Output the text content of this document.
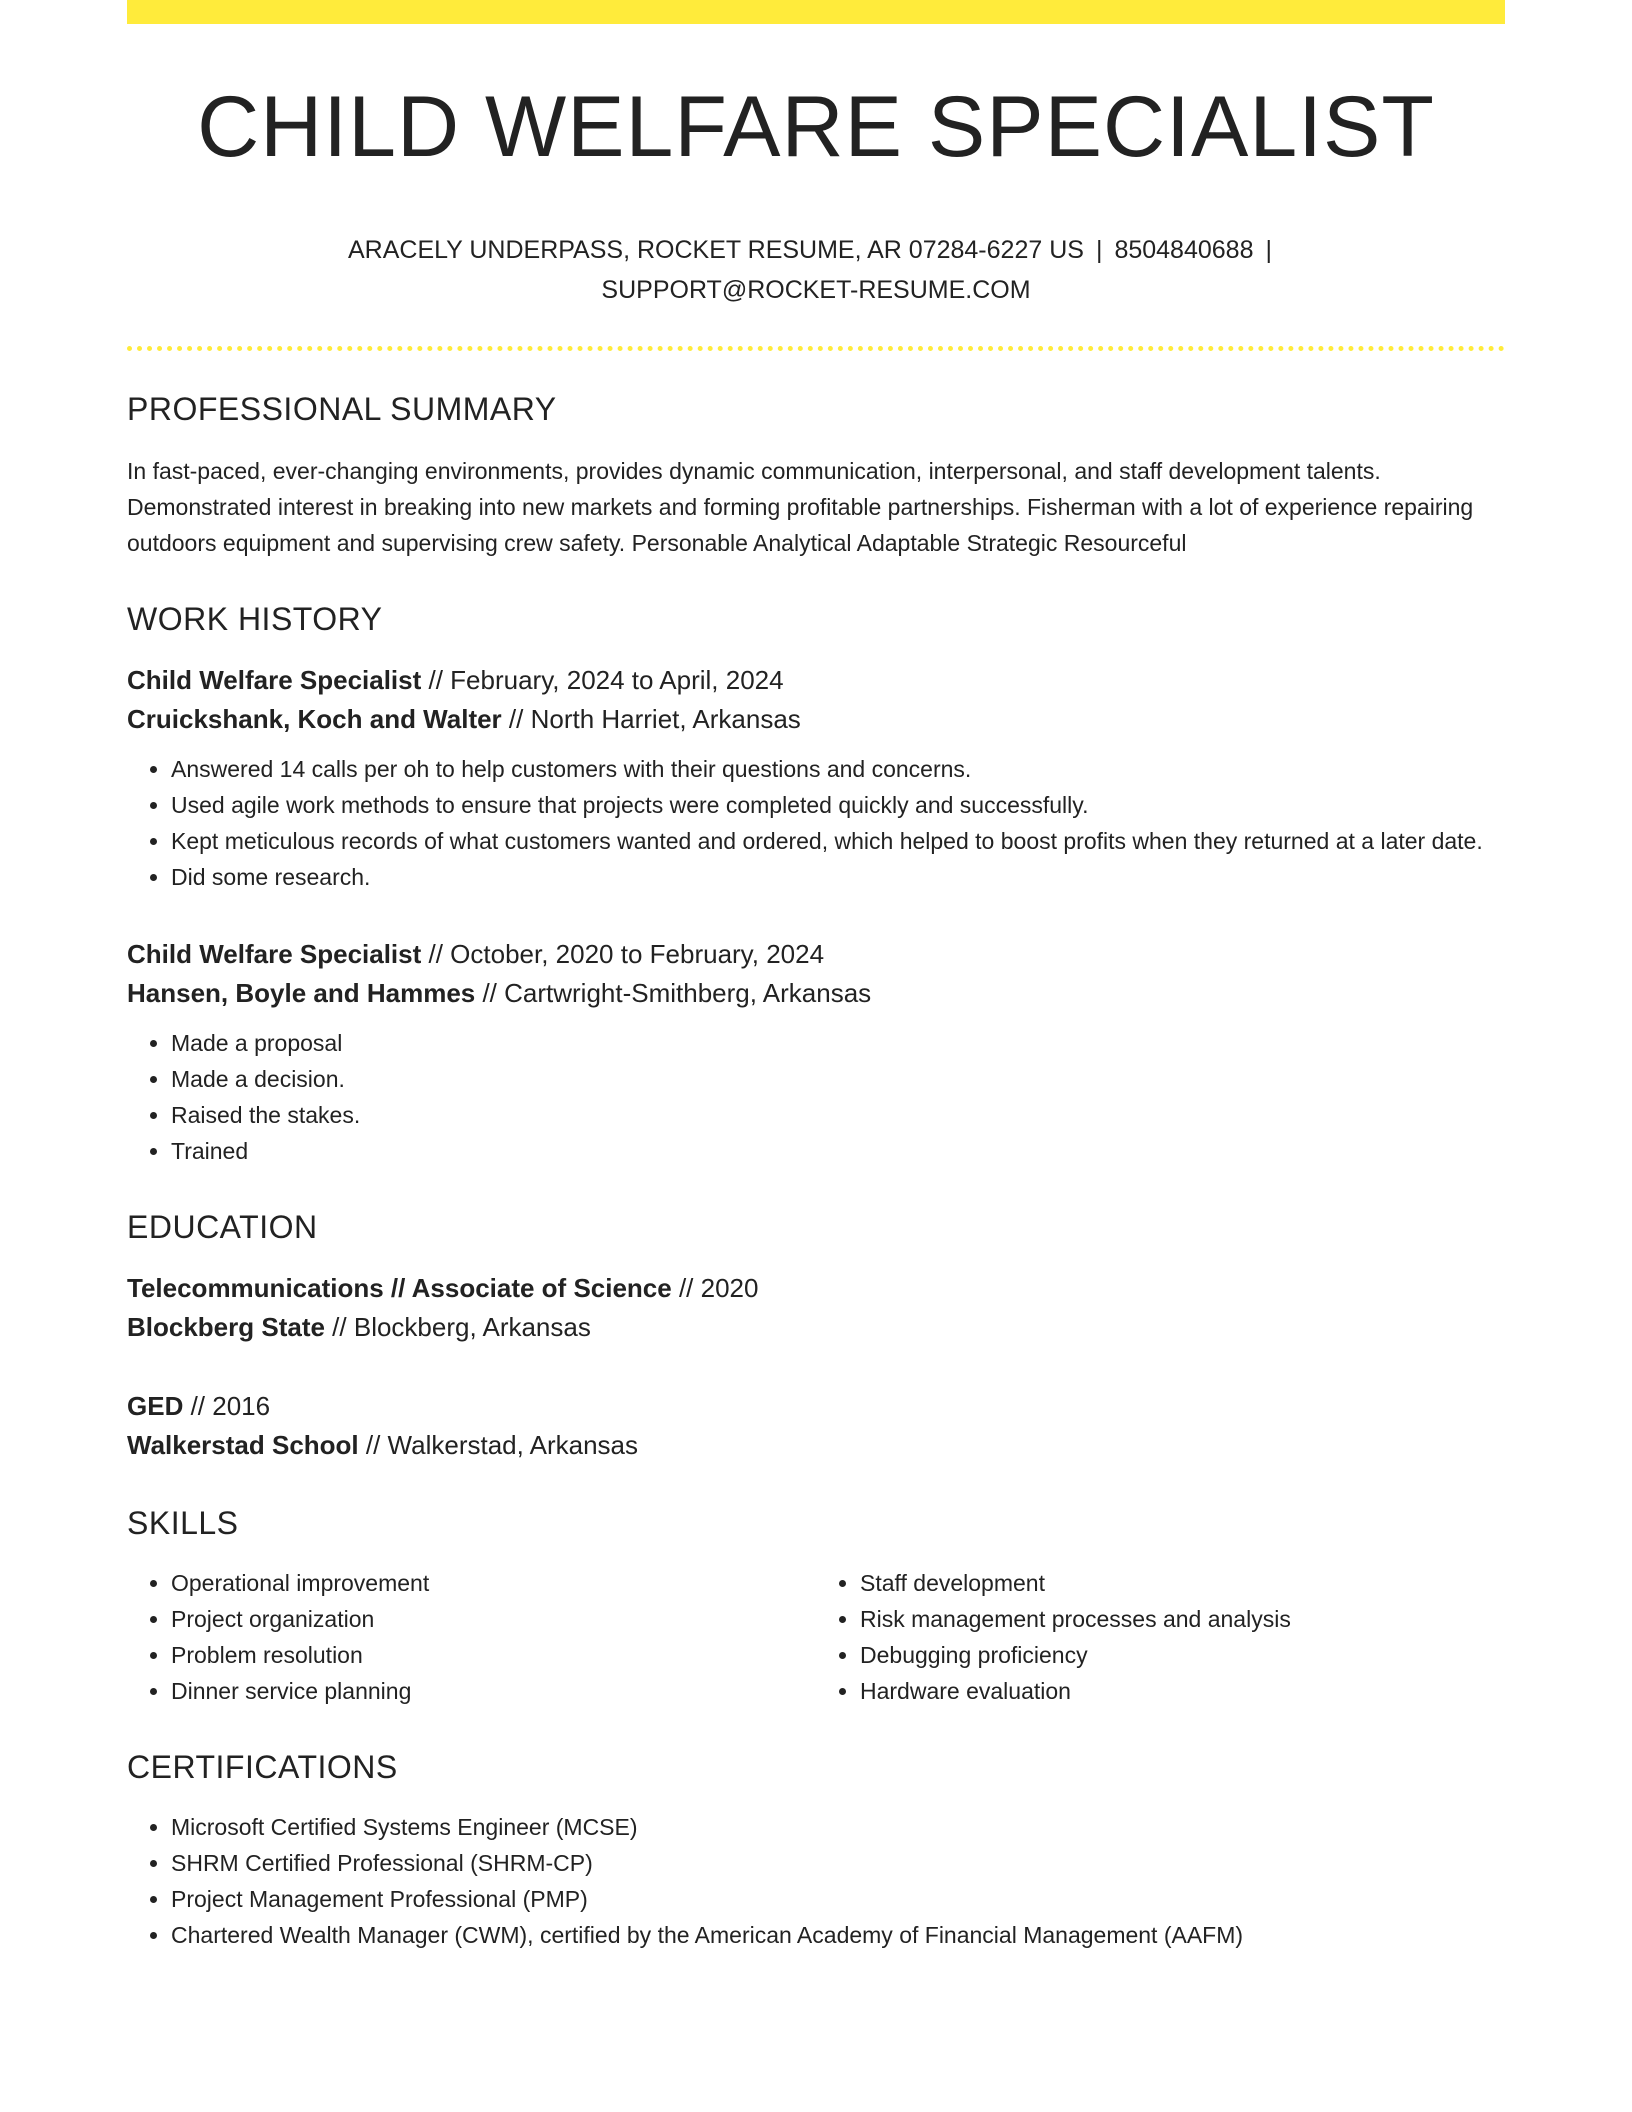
CHILD WELFARE SPECIALIST
ARACELY UNDERPASS, ROCKET RESUME, AR 07284-6227 US | 8504840688 |
SUPPORT@ROCKET-RESUME.COM
PROFESSIONAL SUMMARY
In fast-paced, ever-changing environments, provides dynamic communication, interpersonal, and staff development talents. Demonstrated interest in breaking into new markets and forming profitable partnerships. Fisherman with a lot of experience repairing outdoors equipment and supervising crew safety. Personable Analytical Adaptable Strategic Resourceful
WORK HISTORY
Child Welfare Specialist // February, 2024 to April, 2024
Cruickshank, Koch and Walter // North Harriet, Arkansas
• Answered 14 calls per oh to help customers with their questions and concerns.
• Used agile work methods to ensure that projects were completed quickly and successfully.
• Kept meticulous records of what customers wanted and ordered, which helped to boost profits when they returned at a later date.
• Did some research.
Child Welfare Specialist // October, 2020 to February, 2024
Hansen, Boyle and Hammes // Cartwright-Smithberg, Arkansas
• Made a proposal
• Made a decision.
• Raised the stakes.
• Trained
EDUCATION
Telecommunications // Associate of Science // 2020
Blockberg State // Blockberg, Arkansas
GED // 2016
Walkerstad School // Walkerstad, Arkansas
SKILLS
• Operational improvement
• Project organization
• Problem resolution
• Dinner service planning
• Staff development
• Risk management processes and analysis
• Debugging proficiency
• Hardware evaluation
CERTIFICATIONS
• Microsoft Certified Systems Engineer (MCSE)
• SHRM Certified Professional (SHRM-CP)
• Project Management Professional (PMP)
• Chartered Wealth Manager (CWM), certified by the American Academy of Financial Management (AAFM)
